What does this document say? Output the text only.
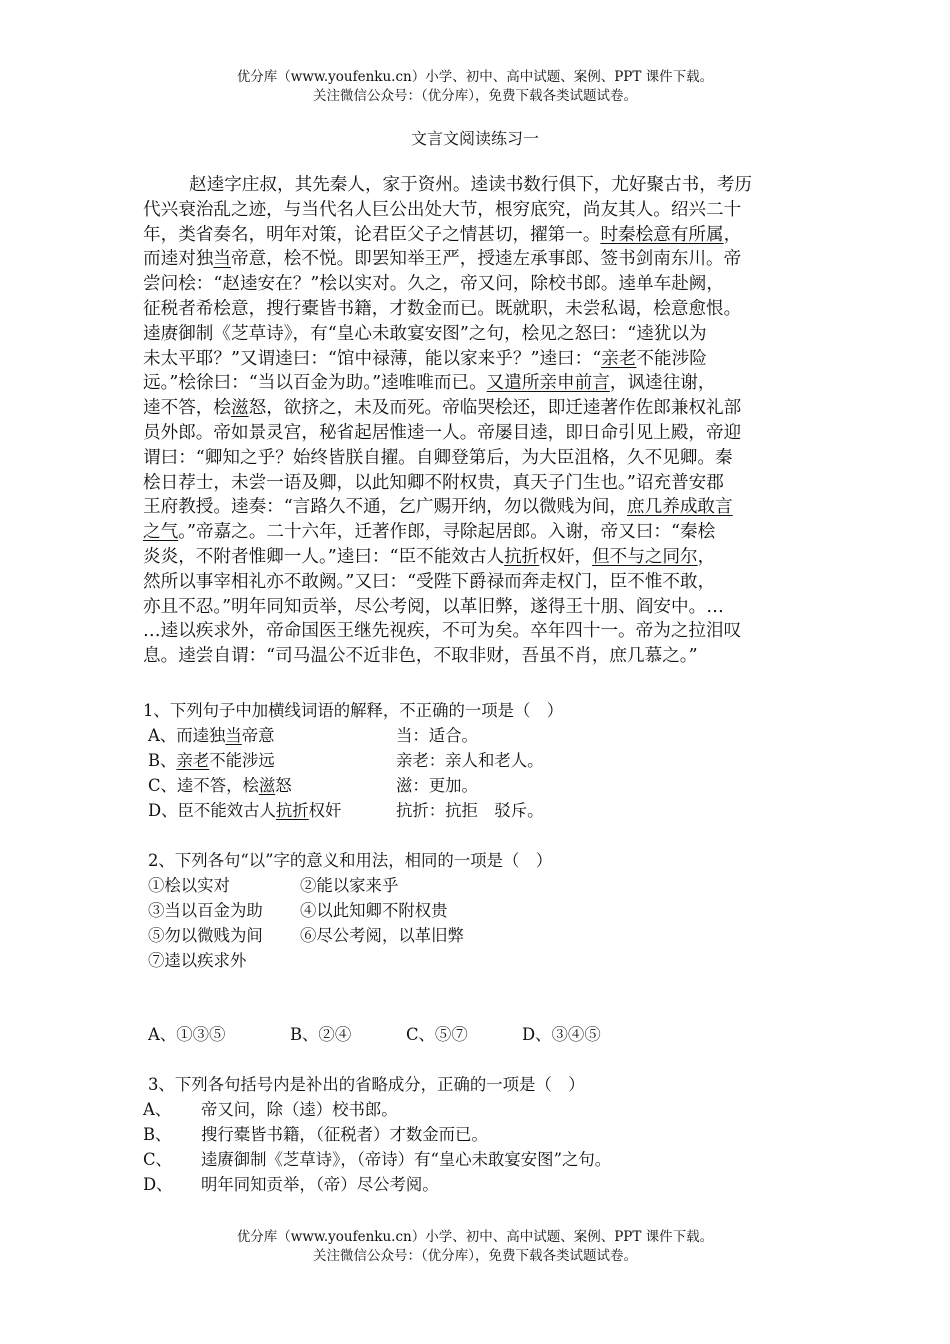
优分库（www.youfenku.cn）小学、初中、高中试题、案例、PPT 课件下载。
关注微信公众号：（优分库），免费下载各类试题试卷。
文言文阅读练习一
赵逵字庄叔，其先秦人，家于资州。逵读书数行俱下，尤好聚古书，考历
代兴衰治乱之迹，与当代名人巨公出处大节，根穷底究，尚友其人。绍兴二十
年，类省奏名，明年对策，论君臣父子之情甚切，擢第一。时秦桧意有所属，
而逵对独当帝意，桧不悦。即罢知举王严，授逵左承事郎、签书剑南东川。帝
尝问桧：“赵逵安在？”桧以实对。久之，帝又问，除校书郎。逵单车赴阙，
征税者希桧意，搜行橐皆书籍，才数金而已。既就职，未尝私谒，桧意愈恨。
逵赓御制《芝草诗》，有“皇心未敢宴安图”之句，桧见之怒曰：“逵犹以为
未太平耶？”又谓逵曰：“馆中禄薄，能以家来乎？”逵曰：“亲老不能涉险
远。”桧徐曰：“当以百金为助。”逵唯唯而已。又遣所亲申前言，讽逵往谢，
逵不答，桧滋怒，欲挤之，未及而死。帝临哭桧还，即迁逵著作佐郎兼权礼部
员外郎。帝如景灵宫，秘省起居惟逵一人。帝屡目逵，即日命引见上殿，帝迎
谓曰：“卿知之乎？始终皆朕自擢。自卿登第后，为大臣沮格，久不见卿。秦
桧日荐士，未尝一语及卿，以此知卿不附权贵，真天子门生也。”诏充普安郡
王府教授。逵奏：“言路久不通，乞广赐开纳，勿以微贱为间，庶几养成敢言
之气。”帝嘉之。二十六年，迁著作郎，寻除起居郎。入谢，帝又曰：“秦桧
炎炎，不附者惟卿一人。”逵曰：“臣不能效古人抗折权奸，但不与之同尔，
然所以事宰相礼亦不敢阙。”又曰：“受陛下爵禄而奔走权门，臣不惟不敢，
亦且不忍。”明年同知贡举，尽公考阅，以革旧弊，遂得王十朋、阎安中。…
…逵以疾求外，帝命国医王继先视疾，不可为矣。卒年四十一。帝为之拉泪叹
息。逵尝自谓：“司马温公不近非色，不取非财，吾虽不肖，庶几慕之。”
1、下列句子中加横线词语的解释，不正确的一项是（　）
A、而逵独当帝意	当：适合。
B、亲老不能涉远	亲老：亲人和老人。
C、逵不答，桧滋怒	滋：更加。
D、臣不能效古人抗折权奸	抗折：抗拒　驳斥。
2、下列各句“以”字的意义和用法，相同的一项是（　）
①桧以实对	②能以家来乎
③当以百金为助 ④以此知卿不附权贵
⑤勿以微贱为间 ⑥尽公考阅，以革旧弊
⑦逵以疾求外
A、①③⑤	B、②④	C、⑤⑦	D、③④⑤
3、下列各句括号内是补出的省略成分，正确的一项是（　）
A、 帝又问，除（逵）校书郎。
B、 搜行橐皆书籍，（征税者）才数金而已。
C、 逵赓御制《芝草诗》，（帝诗）有“皇心未敢宴安图”之句。
D、 明年同知贡举，（帝）尽公考阅。
优分库（www.youfenku.cn）小学、初中、高中试题、案例、PPT 课件下载。
关注微信公众号：（优分库），免费下载各类试题试卷。
